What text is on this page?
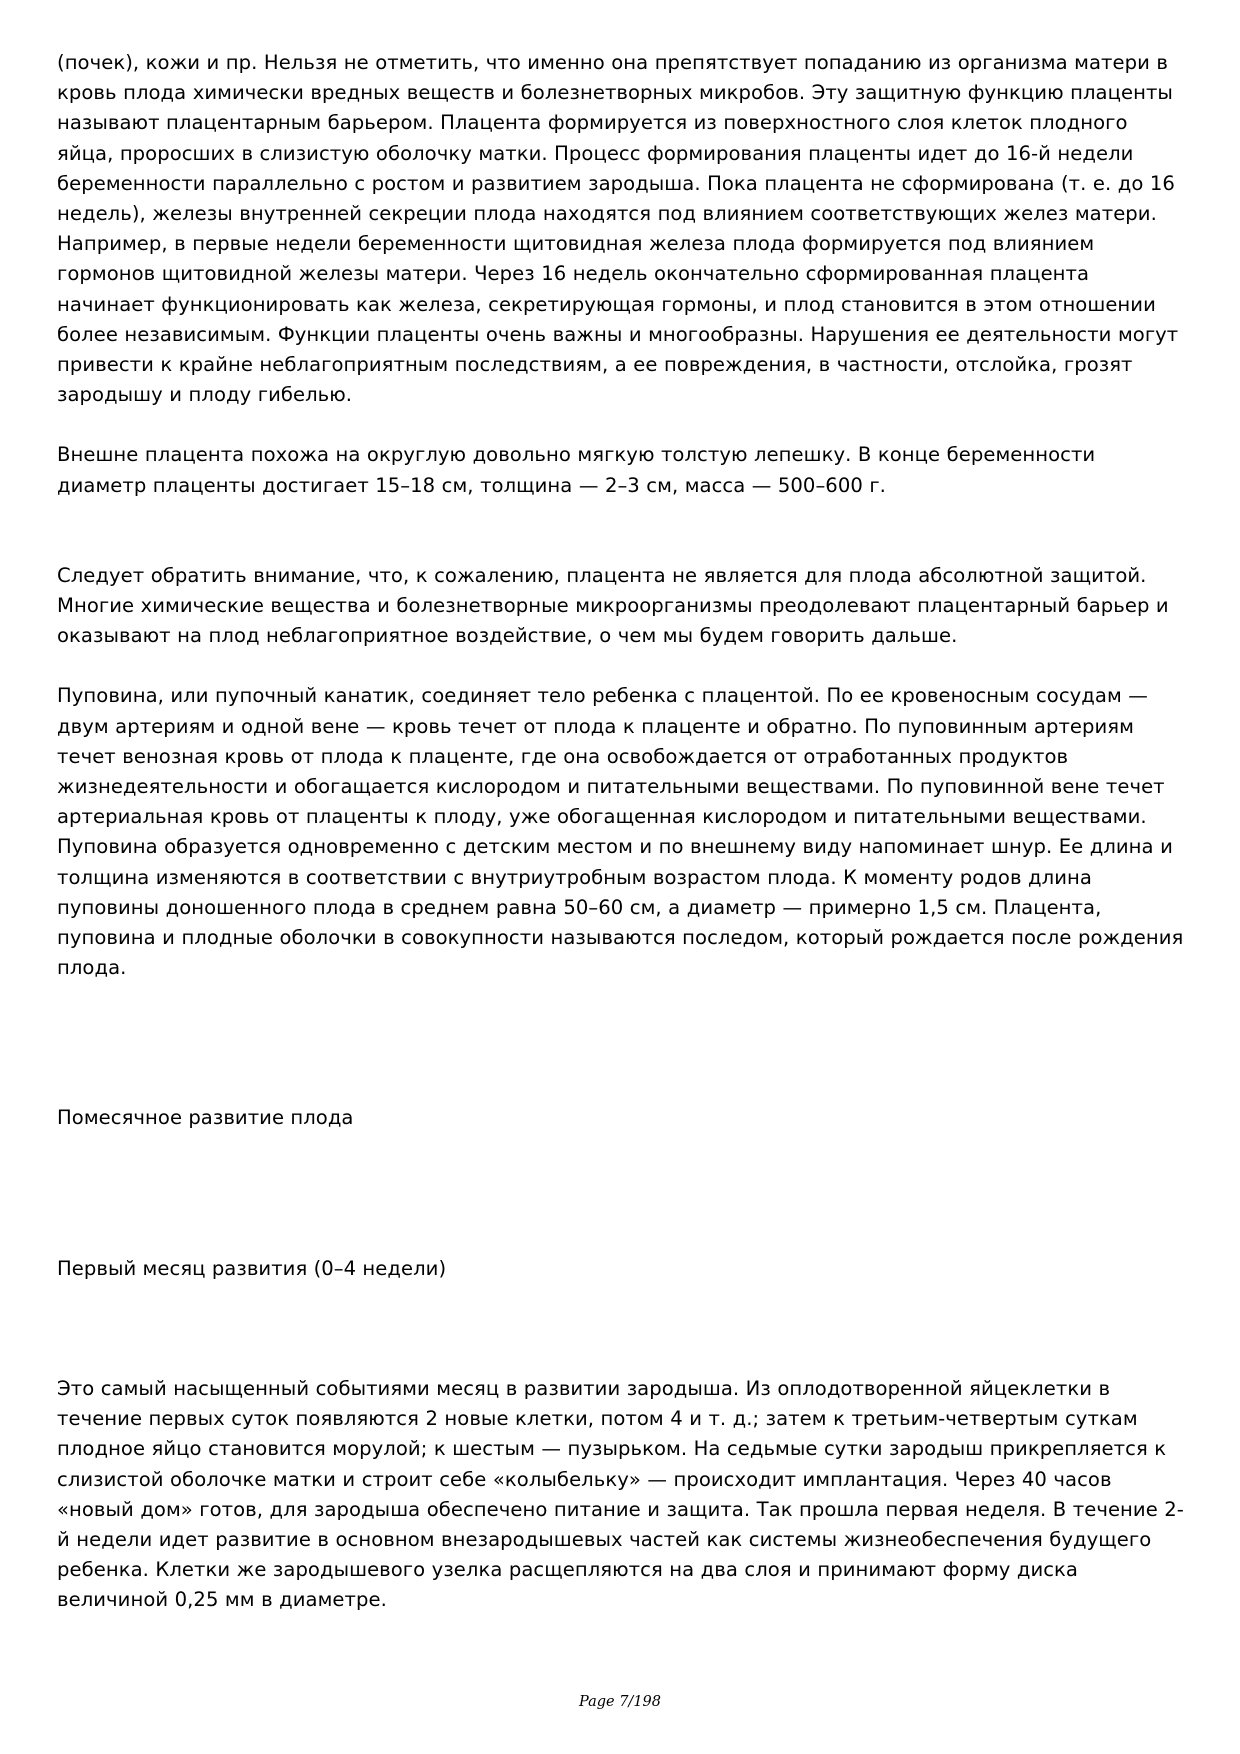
(почек), кожи и пр. Нельзя не отметить, что именно она препятствует попаданию из организма матери в кровь плода химически вредных веществ и болезнетворных микробов. Эту защитную функцию плаценты называют плацентарным барьером. Плацента формируется из поверхностного слоя клеток плодного яйца, проросших в слизистую оболочку матки. Процесс формирования плаценты идет до 16-й недели беременности параллельно с ростом и развитием зародыша. Пока плацента не сформирована (т. е. до 16 недель), железы внутренней секреции плода находятся под влиянием соответствующих желез матери. Например, в первые недели беременности щитовидная железа плода формируется под влиянием гормонов щитовидной железы матери. Через 16 недель окончательно сформированная плацента начинает функционировать как железа, секретирующая гормоны, и плод становится в этом отношении более независимым. Функции плаценты очень важны и многообразны. Нарушения ее деятельности могут привести к крайне неблагоприятным последствиям, а ее повреждения, в частности, отслойка, грозят зародышу и плоду гибелью.

Внешне плацента похожа на округлую довольно мягкую толстую лепешку. В конце беременности диаметр плаценты достигает 15–18 см, толщина — 2–3 см, масса — 500–600 г.

Следует обратить внимание, что, к сожалению, плацента не является для плода абсолютной защитой. Многие химические вещества и болезнетворные микроорганизмы преодолевают плацентарный барьер и оказывают на плод неблагоприятное воздействие, о чем мы будем говорить дальше.

Пуповина, или пупочный канатик, соединяет тело ребенка с плацентой. По ее кровеносным сосудам — двум артериям и одной вене — кровь течет от плода к плаценте и обратно. По пуповинным артериям течет венозная кровь от плода к плаценте, где она освобождается от отработанных продуктов жизнедеятельности и обогащается кислородом и питательными веществами. По пуповинной вене течет артериальная кровь от плаценты к плоду, уже обогащенная кислородом и питательными веществами. Пуповина образуется одновременно с детским местом и по внешнему виду напоминает шнур. Ее длина и толщина изменяются в соответствии с внутриутробным возрастом плода. К моменту родов длина пуповины доношенного плода в среднем равна 50–60 см, а диаметр — примерно 1,5 см. Плацента, пуповина и плодные оболочки в совокупности называются последом, который рождается после рождения плода.

Помесячное развитие плода
Первый месяц развития (0–4 недели)

Это самый насыщенный событиями месяц в развитии зародыша. Из оплодотворенной яйцеклетки в течение первых суток появляются 2 новые клетки, потом 4 и т. д.; затем к третьим-четвертым суткам плодное яйцо становится морулой; к шестым — пузырьком. На седьмые сутки зародыш прикрепляется к слизистой оболочке матки и строит себе «колыбельку» — происходит имплантация. Через 40 часов «новый дом» готов, для зародыша обеспечено питание и защита. Так прошла первая неделя. В течение 2-й недели идет развитие в основном внезародышевых частей как системы жизнеобеспечения будущего ребенка. Клетки же зародышевого узелка расщепляются на два слоя и принимают форму диска величиной 0,25 мм в диаметре.

Page 7/198
